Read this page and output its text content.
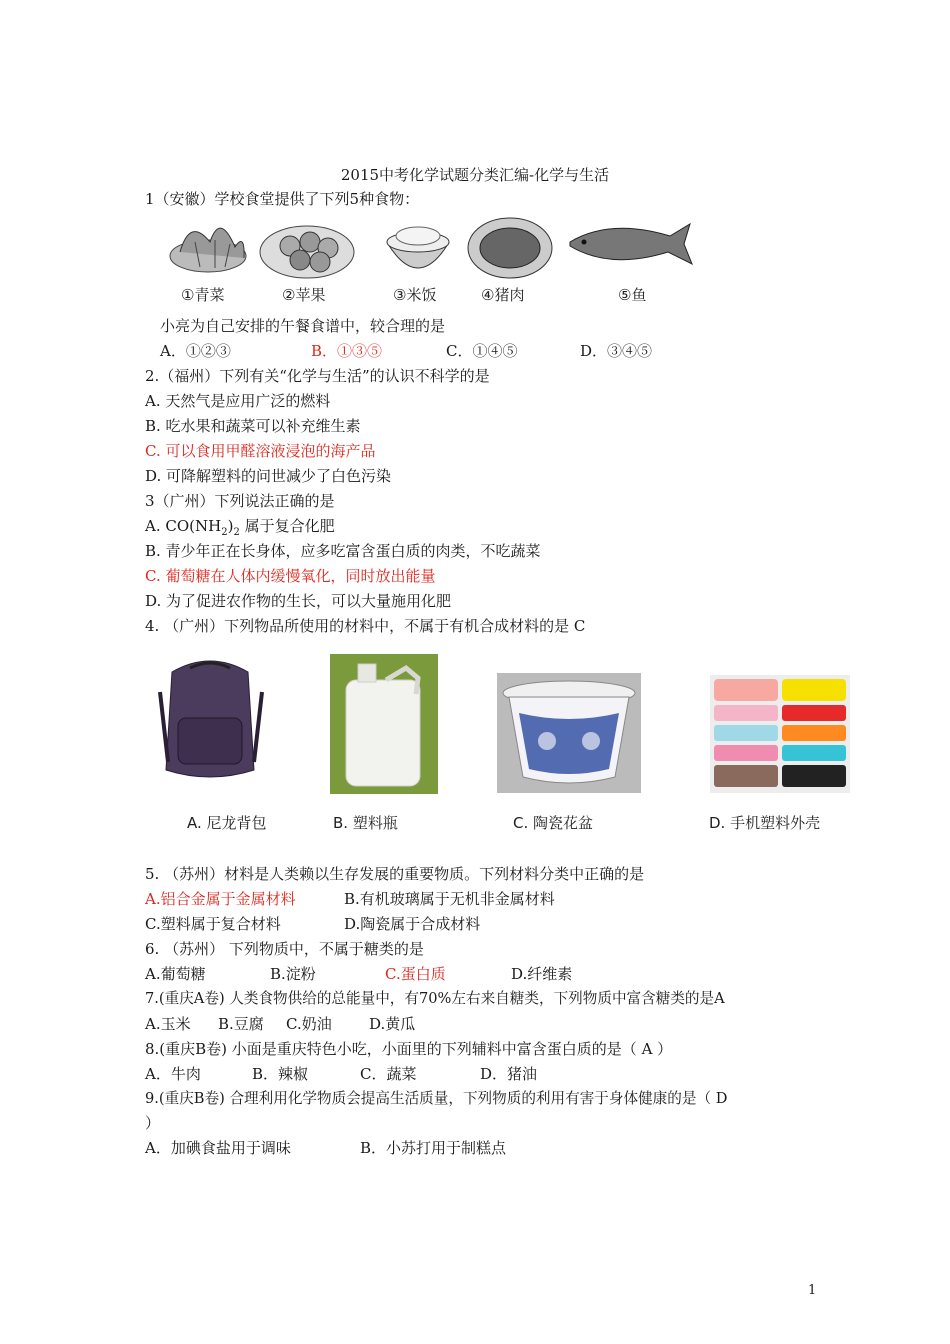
2015中考化学试题分类汇编-化学与生活
1（安徽）学校食堂提供了下列5种食物：
①青菜	②苹果	③米饭	④猪肉	⑤鱼
小亮为自己安排的午餐食谱中，较合理的是
A．①②③	B．①③⑤	C．①④⑤	D．③④⑤
2.（福州）下列有关“化学与生活”的认识不科学的是
A. 天然气是应用广泛的燃料
B. 吃水果和蔬菜可以补充维生素
C. 可以食用甲醛溶液浸泡的海产品
D. 可降解塑料的问世减少了白色污染
3（广州）下列说法正确的是
A. $CO(NH_2)_2$ 属于复合化肥
B. 青少年正在长身体，应多吃富含蛋白质的肉类，不吃蔬菜
C. 葡萄糖在人体内缓慢氧化，同时放出能量
D. 为了促进农作物的生长，可以大量施用化肥
4. （广州）下列物品所使用的材料中，不属于有机合成材料的是 C
A. 尼龙背包	B. 塑料瓶	C. 陶瓷花盆	D. 手机塑料外壳
5. （苏州）材料是人类赖以生存发展的重要物质。下列材料分类中正确的是
A.铝合金属于金属材料	B.有机玻璃属于无机非金属材料
C.塑料属于复合材料	D.陶瓷属于合成材料
6. （苏州） 下列物质中，不属于糖类的是
A.葡萄糖	B.淀粉	C.蛋白质	D.纤维素
7.(重庆A卷) 人类食物供给的总能量中，有70%左右来自糖类，下列物质中富含糖类的是A
A.玉米 B.豆腐 C.奶油 D.黄瓜
8.(重庆B卷) 小面是重庆特色小吃，小面里的下列辅料中富含蛋白质的是（ A ）
A．牛肉	B．辣椒	C．蔬菜	D．猪油
9.(重庆B卷) 合理利用化学物质会提高生活质量，下列物质的利用有害于身体健康的是（ D
）
A．加碘食盐用于调味	B．小苏打用于制糕点
1
